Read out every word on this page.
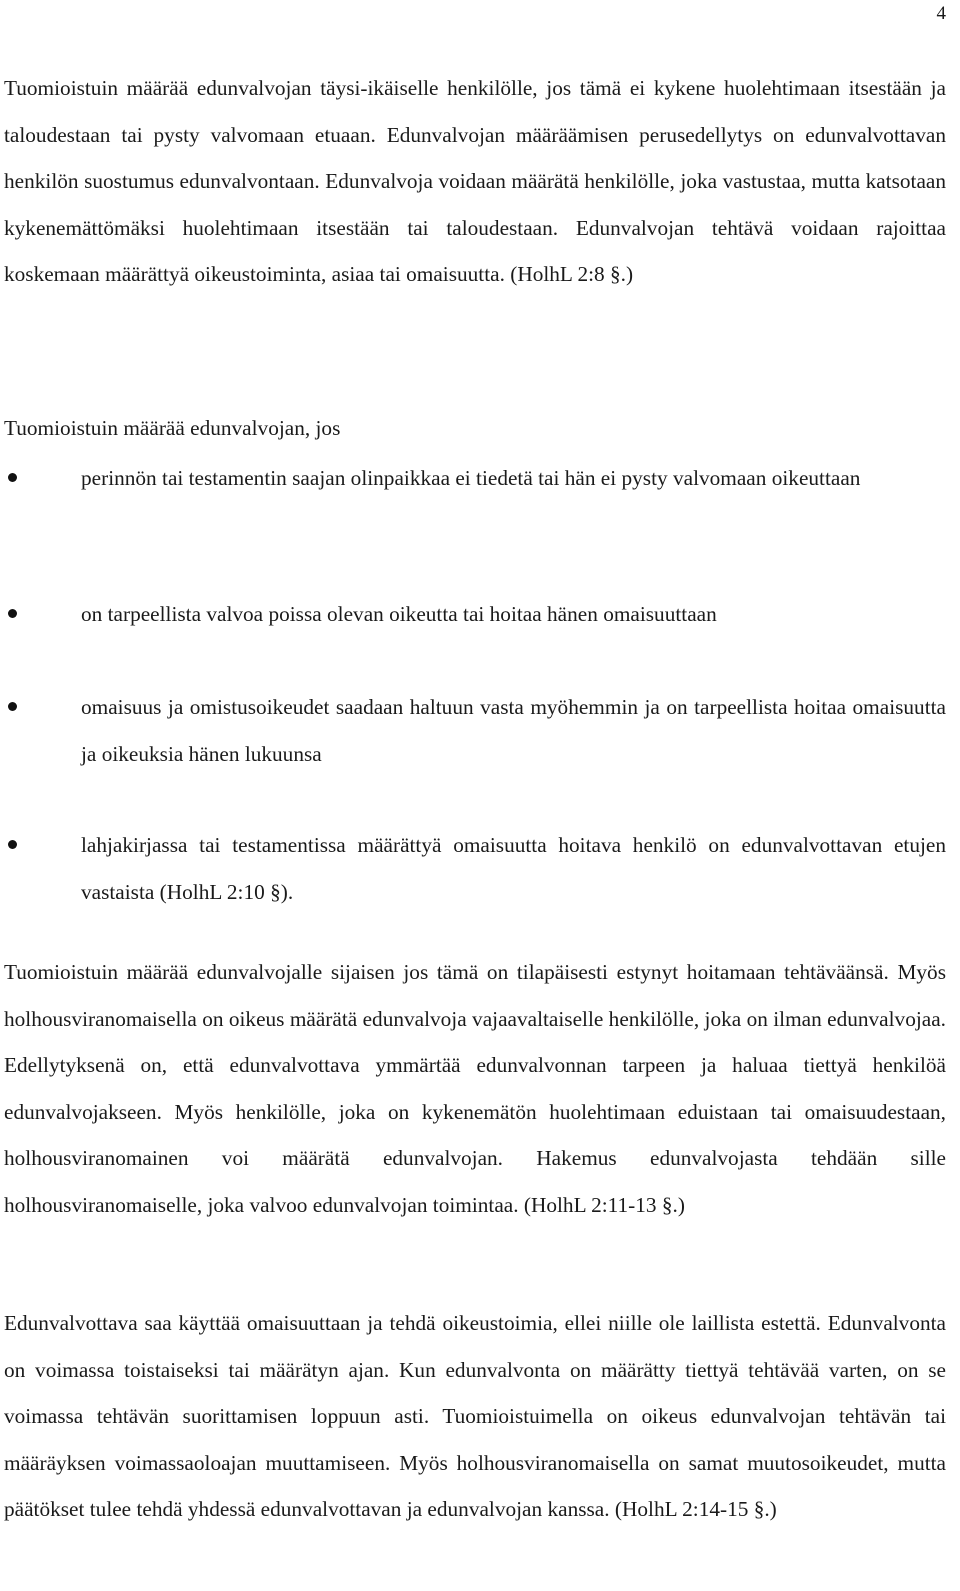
4

Tuomioistuin määrää edunvalvojan täysi-ikäiselle henkilölle, jos tämä ei kykene huolehtimaan itsestään ja taloudestaan tai pysty valvomaan etuaan. Edunvalvojan määräämisen perusedellytys on edunvalvottavan henkilön suostumus edunvalvontaan. Edunvalvoja voidaan määrätä henkilölle, joka vastustaa, mutta katsotaan kykenemättömäksi huolehtimaan itsestään tai taloudestaan. Edunvalvojan tehtävä voidaan rajoittaa koskemaan määrättyä oikeustoiminta, asiaa tai omaisuutta. (HolhL 2:8 §.)

Tuomioistuin määrää edunvalvojan, jos

perinnön tai testamentin saajan olinpaikkaa ei tiedetä tai hän ei pysty valvomaan oikeuttaan
on tarpeellista valvoa poissa olevan oikeutta tai hoitaa hänen omaisuuttaan
omaisuus ja omistusoikeudet saadaan haltuun vasta myöhemmin ja on tarpeellista hoitaa omaisuutta ja oikeuksia hänen lukuunsa
lahjakirjassa tai testamentissa määrättyä omaisuutta hoitava henkilö on edunvalvottavan etujen vastaista (HolhL 2:10 §).

Tuomioistuin määrää edunvalvojalle sijaisen jos tämä on tilapäisesti estynyt hoitamaan tehtäväänsä. Myös holhousviranomaisella on oikeus määrätä edunvalvoja vajaavaltaiselle henkilölle, joka on ilman edunvalvojaa. Edellytyksenä on, että edunvalvottava ymmärtää edunvalvonnan tarpeen ja haluaa tiettyä henkilöä edunvalvojakseen. Myös henkilölle, joka on kykenemätön huolehtimaan eduistaan tai omaisuudestaan, holhousviranomainen voi määrätä edunvalvojan. Hakemus edunvalvojasta tehdään sille holhousviranomaiselle, joka valvoo edunvalvojan toimintaa. (HolhL 2:11-13 §.)

Edunvalvottava saa käyttää omaisuuttaan ja tehdä oikeustoimia, ellei niille ole laillista estettä. Edunvalvonta on voimassa toistaiseksi tai määrätyn ajan. Kun edunvalvonta on määrätty tiettyä tehtävää varten, on se voimassa tehtävän suorittamisen loppuun asti. Tuomioistuimella on oikeus edunvalvojan tehtävän tai määräyksen voimassaoloajan muuttamiseen. Myös holhousviranomaisella on samat muutosoikeudet, mutta päätökset tulee tehdä yhdessä edunvalvottavan ja edunvalvojan kanssa. (HolhL 2:14-15 §.)
